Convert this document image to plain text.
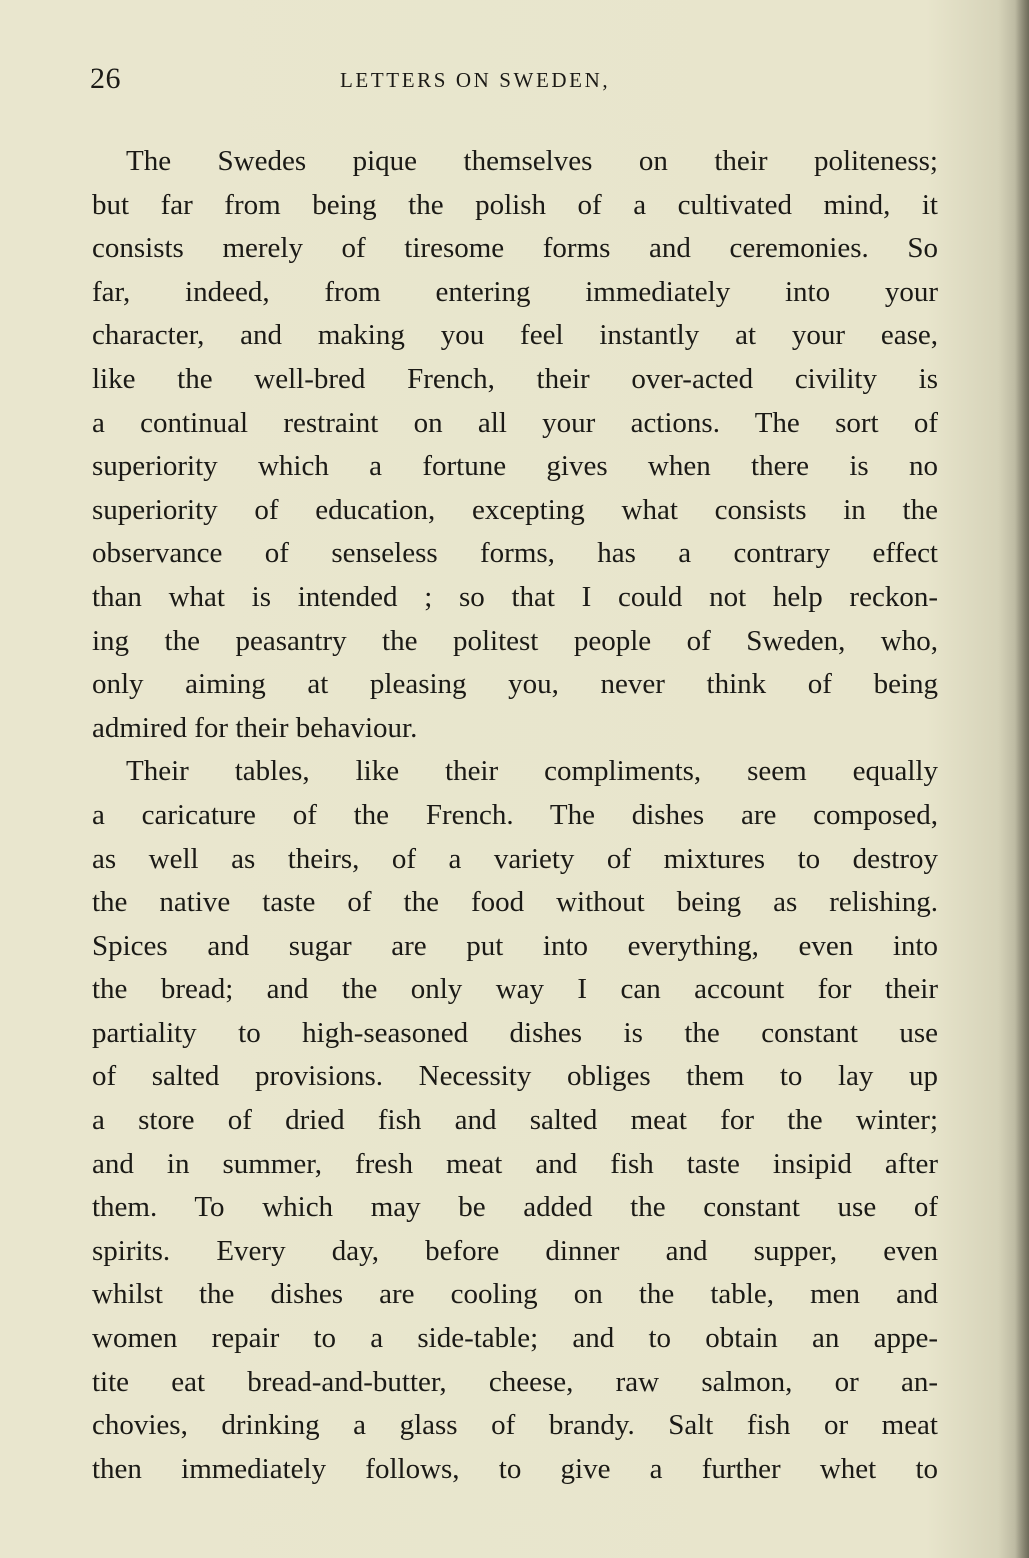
26	LETTERS ON SWEDEN,
The Swedes pique themselves on their politeness;
but far from being the polish of a cultivated mind, it
consists merely of tiresome forms and ceremonies. So
far, indeed, from entering immediately into your
character, and making you feel instantly at your ease,
like the well-bred French, their over-acted civility is
a continual restraint on all your actions. The sort of
superiority which a fortune gives when there is no
superiority of education, excepting what consists in the
observance of senseless forms, has a contrary effect
than what is intended ; so that I could not help reckon-
ing the peasantry the politest people of Sweden, who,
only aiming at pleasing you, never think of being
admired for their behaviour.
Their tables, like their compliments, seem equally
a caricature of the French. The dishes are composed,
as well as theirs, of a variety of mixtures to destroy
the native taste of the food without being as relishing.
Spices and sugar are put into everything, even into
the bread; and the only way I can account for their
partiality to high-seasoned dishes is the constant use
of salted provisions. Necessity obliges them to lay up
a store of dried fish and salted meat for the winter;
and in summer, fresh meat and fish taste insipid after
them. To which may be added the constant use of
spirits. Every day, before dinner and supper, even
whilst the dishes are cooling on the table, men and
women repair to a side-table; and to obtain an appe-
tite eat bread-and-butter, cheese, raw salmon, or an-
chovies, drinking a glass of brandy. Salt fish or meat
then immediately follows, to give a further whet to
